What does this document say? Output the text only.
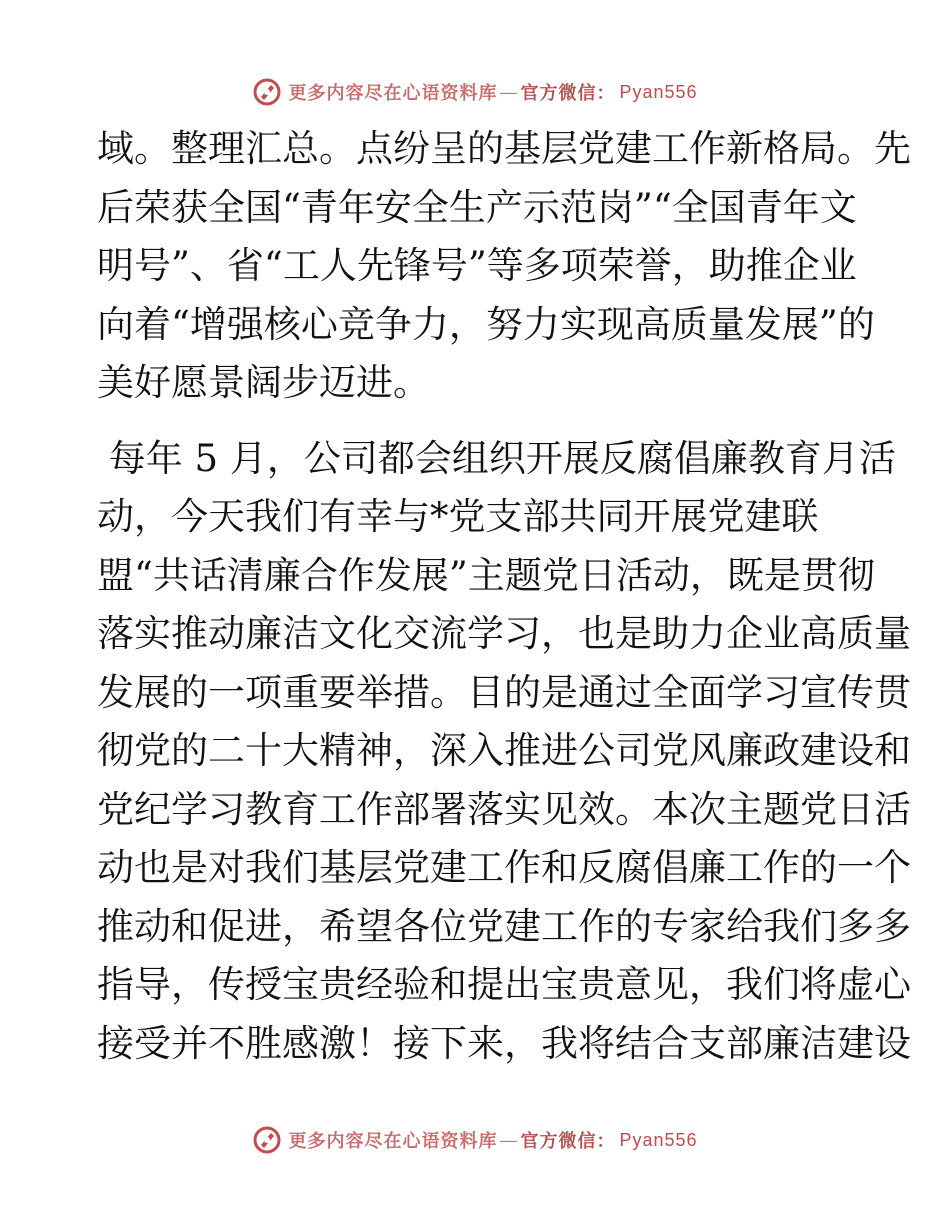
更多内容尽在心语资料库 — 官方微信： Pyan556

域。整理汇总。点纷呈的基层党建工作新格局。先
后荣获全国“青年安全生产示范岗”“全国青年文
明号”、省“工人先锋号”等多项荣誉，助推企业
向着“增强核心竞争力，努力实现高质量发展”的
美好愿景阔步迈进。

每年 5 月，公司都会组织开展反腐倡廉教育月活
动，今天我们有幸与*党支部共同开展党建联
盟“共话清廉合作发展”主题党日活动，既是贯彻
落实推动廉洁文化交流学习，也是助力企业高质量
发展的一项重要举措。目的是通过全面学习宣传贯
彻党的二十大精神，深入推进公司党风廉政建设和
党纪学习教育工作部署落实见效。本次主题党日活
动也是对我们基层党建工作和反腐倡廉工作的一个
推动和促进，希望各位党建工作的专家给我们多多
指导，传授宝贵经验和提出宝贵意见，我们将虚心
接受并不胜感激！接下来，我将结合支部廉洁建设

更多内容尽在心语资料库 — 官方微信： Pyan556
